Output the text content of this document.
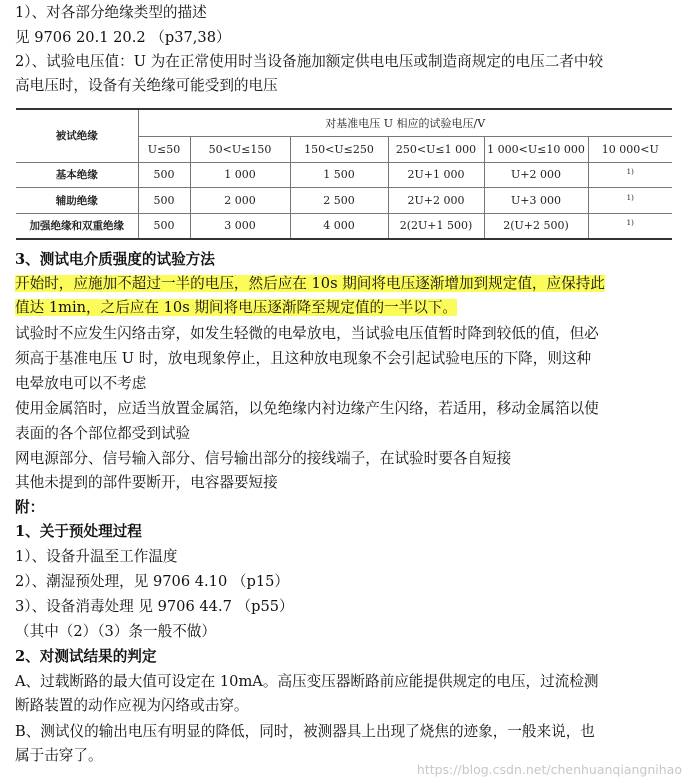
1）、对各部分绝缘类型的描述
见 9706 20.1 20.2 （p37,38）
2）、试验电压值：U 为在正常使用时当设备施加额定供电电压或制造商规定的电压二者中较
高电压时，设备有关绝缘可能受到的电压
被试绝缘	对基准电压 U 相应的试验电压/V					
	U≤50	50<U≤150	150<U≤250	250<U≤1 000	1 000<U≤10 000	10 000<U
基本绝缘	500	1 000	1 500	2U+1 000	U+2 000	$^{1)}$
辅助绝缘	500	2 000	2 500	2U+2 000	U+3 000	$^{1)}$
加强绝缘和双重绝缘	500	3 000	4 000	2(2U+1 500)	2(U+2 500)	$^{1)}$
3、测试电介质强度的试验方法
开始时，应施加不超过一半的电压，然后应在 10s 期间将电压逐渐增加到规定值，应保持此
值达 1min，之后应在 10s 期间将电压逐渐降至规定值的一半以下。
试验时不应发生闪络击穿，如发生轻微的电晕放电，当试验电压值暂时降到较低的值，但必
须高于基准电压 U 时，放电现象停止，且这种放电现象不会引起试验电压的下降，则这种
电晕放电可以不考虑
使用金属箔时，应适当放置金属箔，以免绝缘内衬边缘产生闪络，若适用，移动金属箔以使
表面的各个部位都受到试验
网电源部分、信号输入部分、信号输出部分的接线端子，在试验时要各自短接
其他未提到的部件要断开，电容器要短接
附：
1、关于预处理过程
1）、设备升温至工作温度
2）、潮湿预处理，见 9706 4.10 （p15）
3）、设备消毒处理 见 9706 44.7 （p55）
（其中（2）（3）条一般不做）
2、对测试结果的判定
A、过载断路的最大值可设定在 10mA。高压变压器断路前应能提供规定的电压，过流检测
断路装置的动作应视为闪络或击穿。
B、测试仪的输出电压有明显的降低，同时，被测器具上出现了烧焦的迹象，一般来说，也
属于击穿了。
https://blog.csdn.net/chenhuanqiangnihao
